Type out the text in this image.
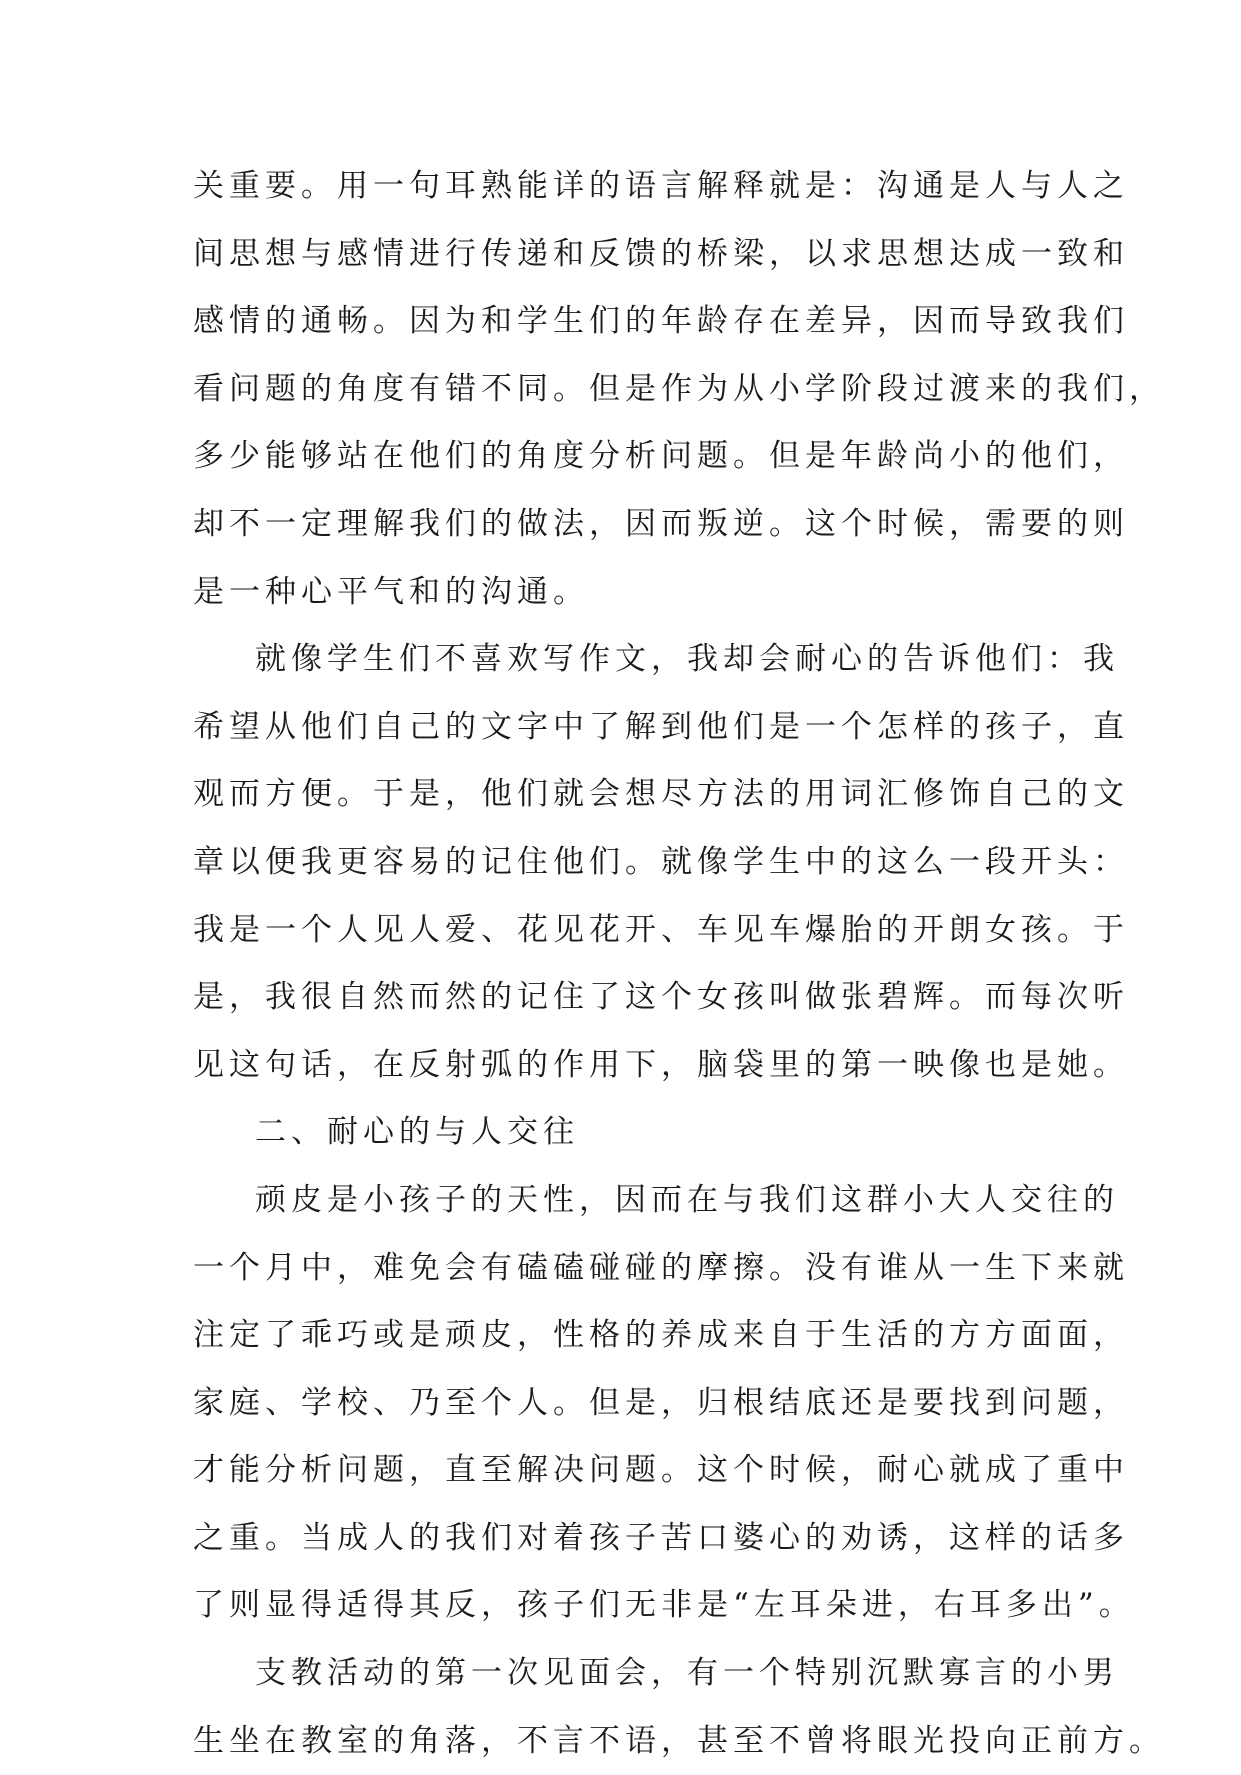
关重要。用一句耳熟能详的语言解释就是：沟通是人与人之
间思想与感情进行传递和反馈的桥梁，以求思想达成一致和
感情的通畅。因为和学生们的年龄存在差异，因而导致我们
看问题的角度有错不同。但是作为从小学阶段过渡来的我们，
多少能够站在他们的角度分析问题。但是年龄尚小的他们，
却不一定理解我们的做法，因而叛逆。这个时候，需要的则
是一种心平气和的沟通。
就像学生们不喜欢写作文，我却会耐心的告诉他们：我
希望从他们自己的文字中了解到他们是一个怎样的孩子，直
观而方便。于是，他们就会想尽方法的用词汇修饰自己的文
章以便我更容易的记住他们。就像学生中的这么一段开头：
我是一个人见人爱、花见花开、车见车爆胎的开朗女孩。于
是，我很自然而然的记住了这个女孩叫做张碧辉。而每次听
见这句话，在反射弧的作用下，脑袋里的第一映像也是她。
二、耐心的与人交往
顽皮是小孩子的天性，因而在与我们这群小大人交往的
一个月中，难免会有磕磕碰碰的摩擦。没有谁从一生下来就
注定了乖巧或是顽皮，性格的养成来自于生活的方方面面，
家庭、学校、乃至个人。但是，归根结底还是要找到问题，
才能分析问题，直至解决问题。这个时候，耐心就成了重中
之重。当成人的我们对着孩子苦口婆心的劝诱，这样的话多
了则显得适得其反，孩子们无非是“左耳朵进，右耳多出”。
支教活动的第一次见面会，有一个特别沉默寡言的小男
生坐在教室的角落，不言不语，甚至不曾将眼光投向正前方。
